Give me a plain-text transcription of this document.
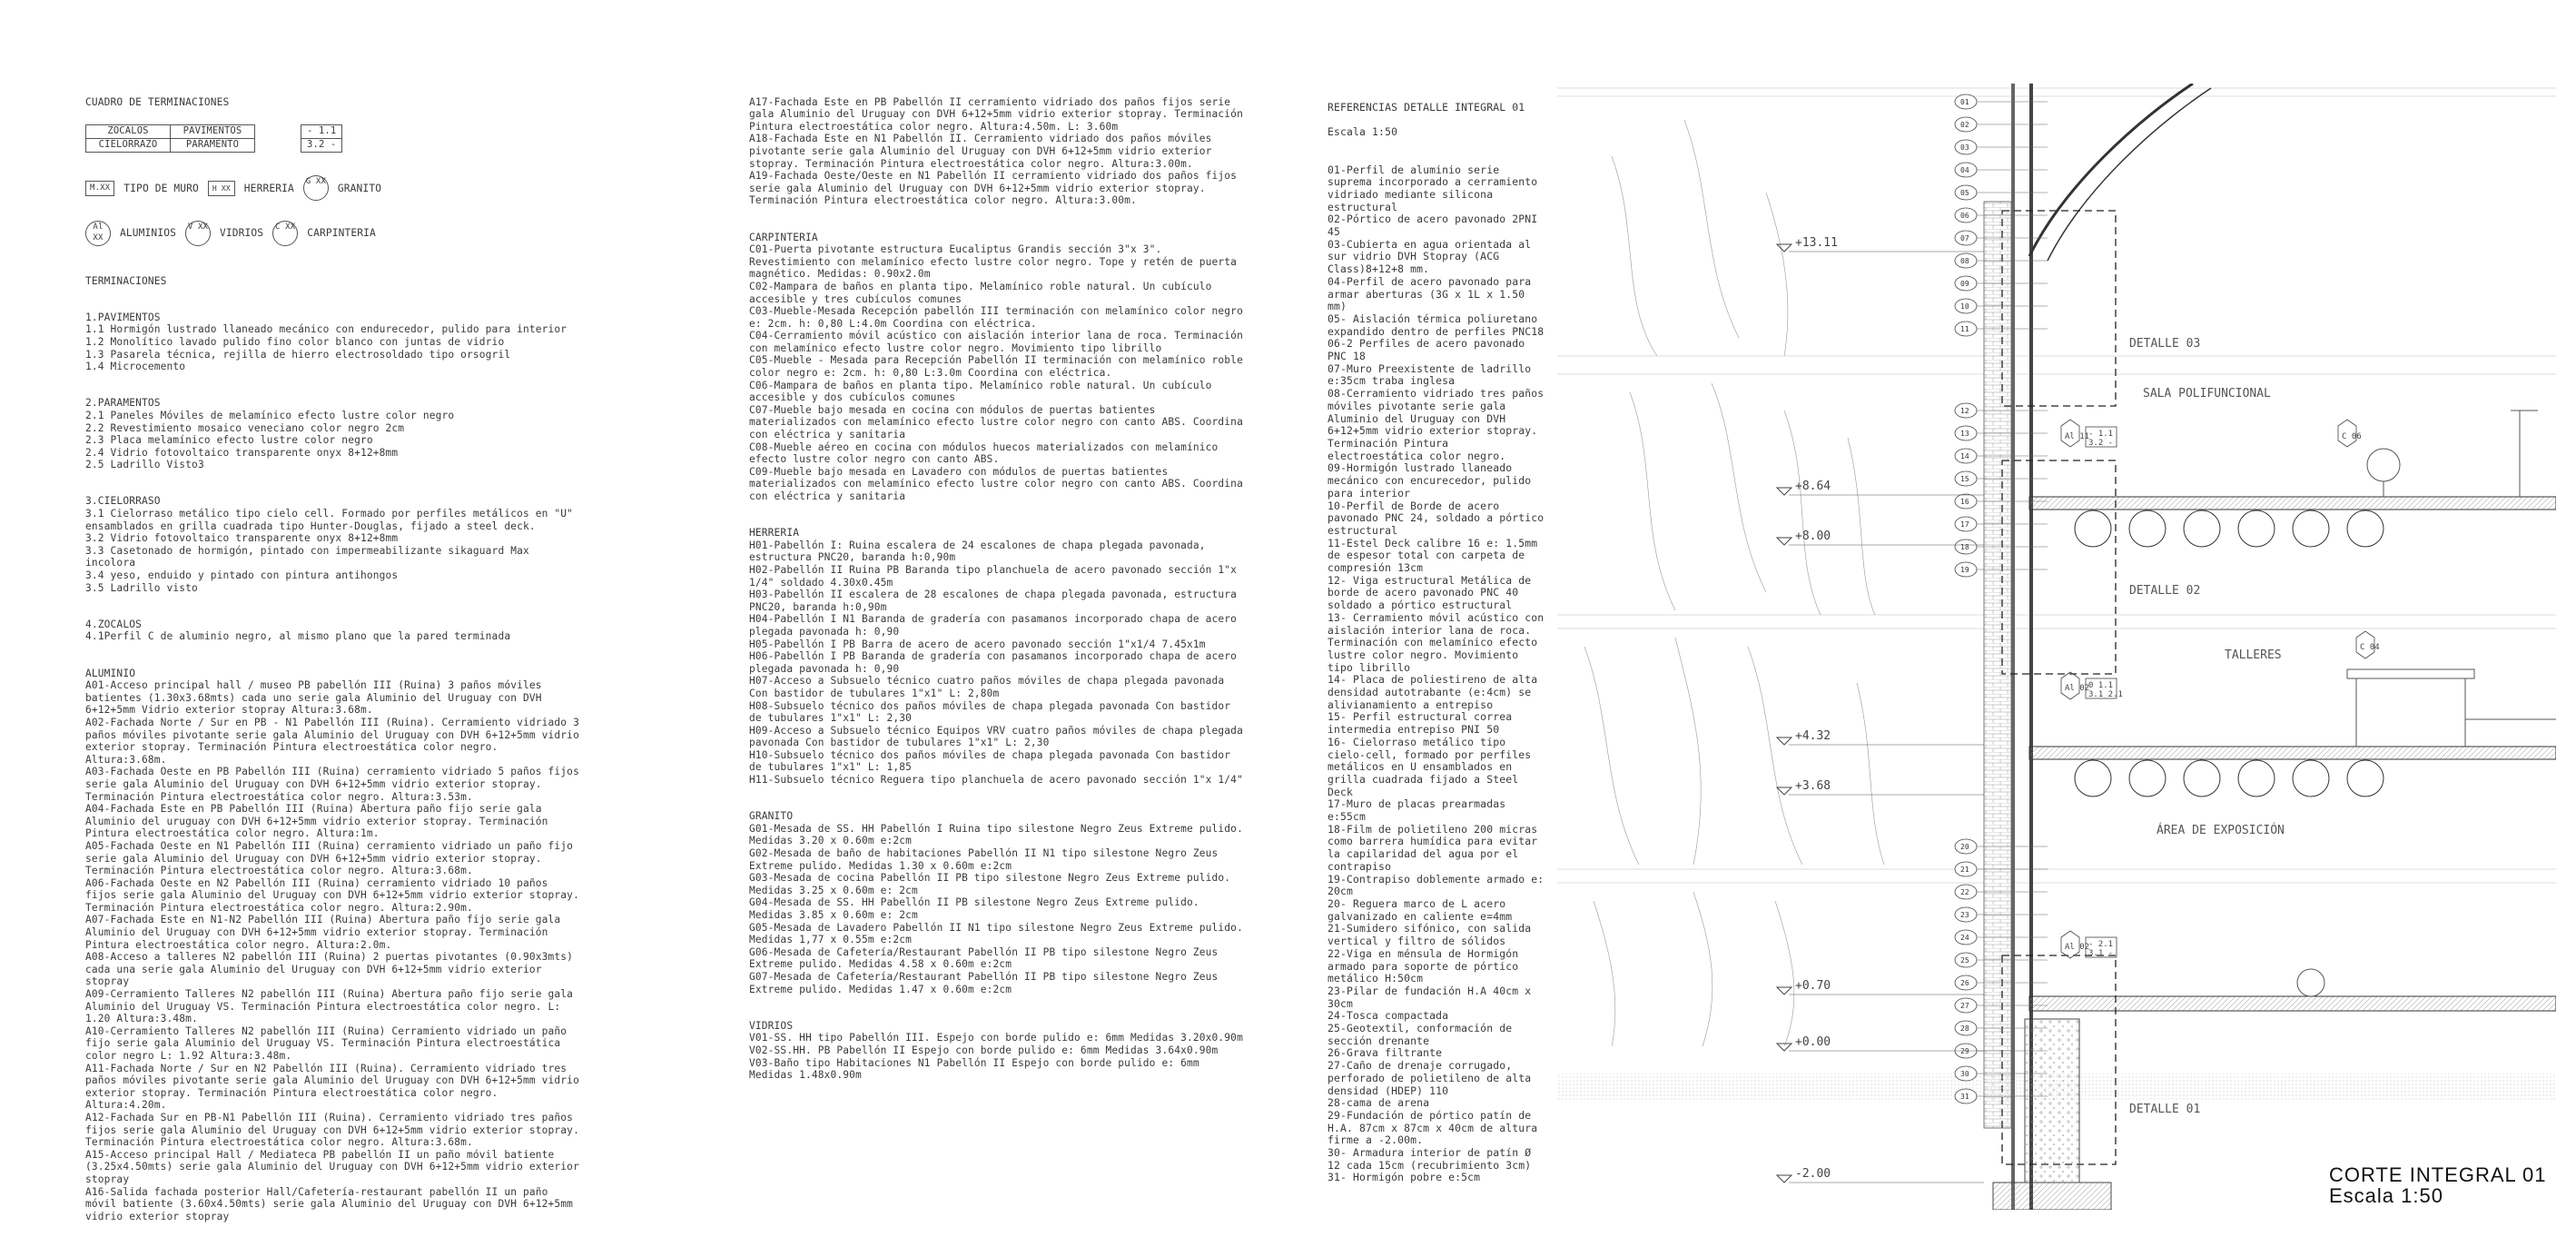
CUADRO DE TERMINACIONES

ZOCALOS	PAVIMENTOS
CIELORRAZO	PARAMENTO
- 1.1
3.2 -

M.XX	TIPO DE MURO	H XX	HERRERIA
G XX
GRANITO

Al XX	ALUMINIOS
V XX
VIDRIOS
C XX
CARPINTERIA

TERMINACIONES

1.PAVIMENTOS
1.1 Hormigón lustrado llaneado mecánico con endurecedor, pulido para interior
1.2 Monolítico lavado pulido fino color blanco con juntas de vidrio
1.3 Pasarela técnica, rejilla de hierro electrosoldado tipo orsogril
1.4 Microcemento

2.PARAMENTOS
2.1 Paneles Móviles de melamínico efecto lustre color negro
2.2 Revestimiento mosaico veneciano color negro 2cm
2.3 Placa melamínico efecto lustre color negro
2.4 Vidrio fotovoltaico transparente onyx 8+12+8mm
2.5 Ladrillo Visto3

3.CIELORRASO
3.1 Cielorraso metálico tipo cielo cell. Formado por perfiles metálicos en "U" ensamblados en grilla cuadrada tipo Hunter-Douglas, fijado a steel deck.
3.2 Vidrio fotovoltaico transparente onyx 8+12+8mm
3.3 Casetonado de hormigón, pintado con impermeabilizante sikaguard Max incolora
3.4 yeso, enduido y pintado con pintura antihongos
3.5 Ladrillo visto

4.ZOCALOS
4.1Perfil C de aluminio negro, al mismo plano que la pared terminada

ALUMINIO
A01-Acceso principal hall / museo PB pabellón III (Ruina) 3 paños móviles batientes (1.30x3.68mts) cada uno serie gala Aluminio del Uruguay con DVH 6+12+5mm Vidrio exterior stopray Altura:3.68m.
A02-Fachada Norte / Sur en PB - N1 Pabellón III (Ruina). Cerramiento vidriado 3 paños móviles pivotante serie gala Aluminio del Uruguay con DVH 6+12+5mm vidrio exterior stopray. Terminación Pintura electroestática color negro. Altura:3.68m.
A03-Fachada Oeste en PB Pabellón III (Ruina) cerramiento vidriado 5 paños fijos serie gala Aluminio del Uruguay con DVH 6+12+5mm vidrio exterior stopray. Terminación Pintura electroestática color negro. Altura:3.53m.
A04-Fachada Este en PB Pabellón III (Ruina) Abertura paño fijo serie gala Aluminio del uruguay con DVH 6+12+5mm vidrio exterior stopray. Terminación Pintura electroestática color negro. Altura:1m.
A05-Fachada Oeste en N1 Pabellón III (Ruina) cerramiento vidriado un paño fijo serie gala Aluminio del Uruguay con DVH 6+12+5mm vidrio exterior stopray. Terminación Pintura electroestática color negro. Altura:3.68m.
A06-Fachada Oeste en N2 Pabellón III (Ruina) cerramiento vidriado 10 paños fijos serie gala Aluminio del Uruguay con DVH 6+12+5mm vidrio exterior stopray. Terminación Pintura electroestática color negro. Altura:2.90m.
A07-Fachada Este en N1-N2 Pabellón III (Ruina) Abertura paño fijo serie gala Aluminio del Uruguay con DVH 6+12+5mm vidrio exterior stopray. Terminación Pintura electroestática color negro. Altura:2.0m.
A08-Acceso a talleres N2 pabellón III (Ruina) 2 puertas pivotantes (0.90x3mts) cada una serie gala Aluminio del Uruguay con DVH 6+12+5mm vidrio exterior stopray
A09-Cerramiento Talleres N2 pabellón III (Ruina) Abertura paño fijo serie gala Aluminio del Uruguay VS. Terminación Pintura electroestática color negro. L: 1.20 Altura:3.48m.
A10-Cerramiento Talleres N2 pabellón III (Ruina) Cerramiento vidriado un paño fijo serie gala Aluminio del Uruguay VS. Terminación Pintura electroestática color negro L: 1.92 Altura:3.48m.
A11-Fachada Norte / Sur en N2 Pabellón III (Ruina). Cerramiento vidriado tres paños móviles pivotante serie gala Aluminio del Uruguay con DVH 6+12+5mm vidrio exterior stopray. Terminación Pintura electroestática color negro. Altura:4.20m.
A12-Fachada Sur en PB-N1 Pabellón III (Ruina). Cerramiento vidriado tres paños fijos serie gala Aluminio del Uruguay con DVH 6+12+5mm vidrio exterior stopray. Terminación Pintura electroestática color negro. Altura:3.68m.
A15-Acceso principal Hall / Mediateca PB pabellón II un paño móvil batiente (3.25x4.50mts) serie gala Aluminio del Uruguay con DVH 6+12+5mm vidrio exterior stopray
A16-Salida fachada posterior Hall/Cafetería-restaurant pabellón II un paño móvil batiente (3.60x4.50mts) serie gala Aluminio del Uruguay con DVH 6+12+5mm vidrio exterior stopray

A17-Fachada Este en PB Pabellón II cerramiento vidriado dos paños fijos serie gala Aluminio del Uruguay con DVH 6+12+5mm vidrio exterior stopray. Terminación Pintura electroestática color negro. Altura:4.50m. L: 3.60m
A18-Fachada Este en N1 Pabellón II. Cerramiento vidriado dos paños móviles pivotante serie gala Aluminio del Uruguay con DVH 6+12+5mm vidrio exterior stopray. Terminación Pintura electroestática color negro. Altura:3.00m.
A19-Fachada Oeste/Oeste en N1 Pabellón II cerramiento vidriado dos paños fijos serie gala Aluminio del Uruguay con DVH 6+12+5mm vidrio exterior stopray. Terminación Pintura electroestática color negro. Altura:3.00m.

CARPINTERIA
C01-Puerta pivotante estructura Eucaliptus Grandis sección 3"x 3". Revestimiento con melamínico efecto lustre color negro. Tope y retén de puerta magnético. Medidas: 0.90x2.0m
C02-Mampara de baños en planta tipo. Melamínico roble natural. Un cubículo accesible y tres cubículos comunes
C03-Mueble-Mesada Recepción pabellón III terminación con melamínico color negro e: 2cm. h: 0,80 L:4.0m Coordina con eléctrica.
C04-Cerramiento móvil acústico con aislación interior lana de roca. Terminación con melamínico efecto lustre color negro. Movimiento tipo librillo
C05-Mueble - Mesada para Recepción Pabellón II terminación con melamínico roble color negro e: 2cm. h: 0,80 L:3.0m Coordina con eléctrica.
C06-Mampara de baños en planta tipo. Melamínico roble natural. Un cubículo accesible y dos cubículos comunes
C07-Mueble bajo mesada en cocina con módulos de puertas batientes materializados con melamínico efecto lustre color negro con canto ABS. Coordina con eléctrica y sanitaria
C08-Mueble aéreo en cocina con módulos huecos materializados con melamínico efecto lustre color negro con canto ABS.
C09-Mueble bajo mesada en Lavadero con módulos de puertas batientes materializados con melamínico efecto lustre color negro con canto ABS. Coordina con eléctrica y sanitaria

HERRERIA
H01-Pabellón I: Ruina escalera de 24 escalones de chapa plegada pavonada, estructura PNC20, baranda h:0,90m
H02-Pabellón II Ruina PB Baranda tipo planchuela de acero pavonado sección 1"x 1/4" soldado 4.30x0.45m
H03-Pabellón II escalera de 28 escalones de chapa plegada pavonada, estructura PNC20, baranda h:0,90m
H04-Pabellón I N1 Baranda de gradería con pasamanos incorporado chapa de acero plegada pavonada h: 0,90
H05-Pabellón I PB Barra de acero de acero pavonado sección 1"x1/4 7.45x1m
H06-Pabellón I PB Baranda de gradería con pasamanos incorporado chapa de acero plegada pavonada h: 0,90
H07-Acceso a Subsuelo técnico cuatro paños móviles de chapa plegada pavonada Con bastidor de tubulares 1"x1" L: 2,80m
H08-Subsuelo técnico dos paños móviles de chapa plegada pavonada Con bastidor de tubulares 1"x1" L: 2,30
H09-Acceso a Subsuelo técnico Equipos VRV cuatro paños móviles de chapa plegada pavonada Con bastidor de tubulares 1"x1" L: 2,30
H10-Subsuelo técnico dos paños móviles de chapa plegada pavonada Con bastidor de tubulares 1"x1" L: 1,85
H11-Subsuelo técnico Reguera tipo planchuela de acero pavonado sección 1"x 1/4"

GRANITO
G01-Mesada de SS. HH Pabellón I Ruina tipo silestone Negro Zeus Extreme pulido. Medidas 3.20 x 0.60m e:2cm
G02-Mesada de baño de habitaciones Pabellón II N1 tipo silestone Negro Zeus Extreme pulido. Medidas 1.30 x 0.60m e:2cm
G03-Mesada de cocina Pabellón II PB tipo silestone Negro Zeus Extreme pulido. Medidas 3.25 x 0.60m e: 2cm
G04-Mesada de SS. HH Pabellón II PB silestone Negro Zeus Extreme pulido. Medidas 3.85 x 0.60m e: 2cm
G05-Mesada de Lavadero Pabellón II N1 tipo silestone Negro Zeus Extreme pulido. Medidas 1,77 x 0.55m e:2cm
G06-Mesada de Cafetería/Restaurant Pabellón II PB tipo silestone Negro Zeus Extreme pulido. Medidas 4.58 x 0.60m e:2cm
G07-Mesada de Cafetería/Restaurant Pabellón II PB tipo silestone Negro Zeus Extreme pulido. Medidas 1.47 x 0.60m e:2cm

VIDRIOS
V01-SS. HH tipo Pabellón III. Espejo con borde pulido e: 6mm Medidas 3.20x0.90m
V02-SS.HH. PB Pabellón II Espejo con borde pulido e: 6mm Medidas 3.64x0.90m
V03-Baño tipo Habitaciones N1 Pabellón II Espejo con borde pulido e: 6mm Medidas 1.48x0.90m

REFERENCIAS DETALLE INTEGRAL 01

Escala 1:50

01-Perfil de aluminio serie suprema incorporado a cerramiento vidriado mediante silicona estructural
02-Pórtico de acero pavonado 2PNI 45
03-Cubierta en agua orientada al sur vidrio DVH Stopray (ACG Class)8+12+8 mm.
04-Perfil de acero pavonado para armar aberturas (3G x 1L x 1.50 mm)
05- Aislación térmica poliuretano expandido dentro de perfiles PNC18
06-2 Perfiles de acero pavonado PNC 18
07-Muro Preexistente de ladrillo e:35cm traba inglesa
08-Cerramiento vidriado tres paños móviles pivotante serie gala Aluminio del Uruguay con DVH 6+12+5mm vidrio exterior stopray. Terminación Pintura electroestática color negro.
09-Hormigón lustrado llaneado mecánico con encurecedor, pulido para interior
10-Perfil de Borde de acero pavonado PNC 24, soldado a pórtico estructural
11-Estel Deck calibre 16 e: 1.5mm de espesor total con carpeta de compresión 13cm
12- Viga estructural Metálica de borde de acero pavonado PNC 40 soldado a pórtico estructural
13- Cerramiento móvil acústico con aislación interior lana de roca. Terminación con melamínico efecto lustre color negro. Movimiento tipo librillo
14- Placa de poliestireno de alta densidad autotrabante (e:4cm) se alivianamiento a entrepiso
15- Perfil estructural correa intermedia entrepiso PNI 50
16- Cielorraso metálico tipo cielo-cell, formado por perfiles metálicos en U ensamblados en grilla cuadrada fijado a Steel Deck
17-Muro de placas prearmadas e:55cm
18-Film de polietileno 200 micras como barrera humídica para evitar la capilaridad del agua por el contrapiso
19-Contrapiso doblemente armado e: 20cm
20- Reguera marco de L acero galvanizado en caliente e=4mm
21-Sumidero sifónico, con salida vertical y filtro de sólidos
22-Viga en ménsula de Hormigón armado para soporte de pórtico metálico H:50cm
23-Pilar de fundación H.A 40cm x 30cm
24-Tosca compactada
25-Geotextil, conformación de sección drenante
26-Grava filtrante
27-Caño de drenaje corrugado, perforado de polietileno de alta densidad (HDEP) 110
28-cama de arena
29-Fundación de pórtico patín de H.A. 87cm x 87cm x 40cm de altura firme a -2.00m.
30- Armadura interior de patín Ø 12 cada 15cm (recubrimiento 3cm)
31- Hormigón pobre e:5cm

01
02
03
04
05
06
07
08
09
10
11
12
13
14
15
16
17
18
19
20
21
22
23
24
25
26
27
28
29
30
31
+13.11
+8.64
+8.00
+4.32
+3.68
+0.70
+0.00
-2.00
DETALLE 03
DETALLE 02
DETALLE 01
SALA POLIFUNCIONAL
TALLERES
ÁREA DE EXPOSICIÓN
Al 11	C 06
Al 02
C 04
Al 02
- 1.1
3.2 -
0 1.1
3.1 2.1
- 2.1
3.1 -
CORTE INTEGRAL 01
Escala 1:50
